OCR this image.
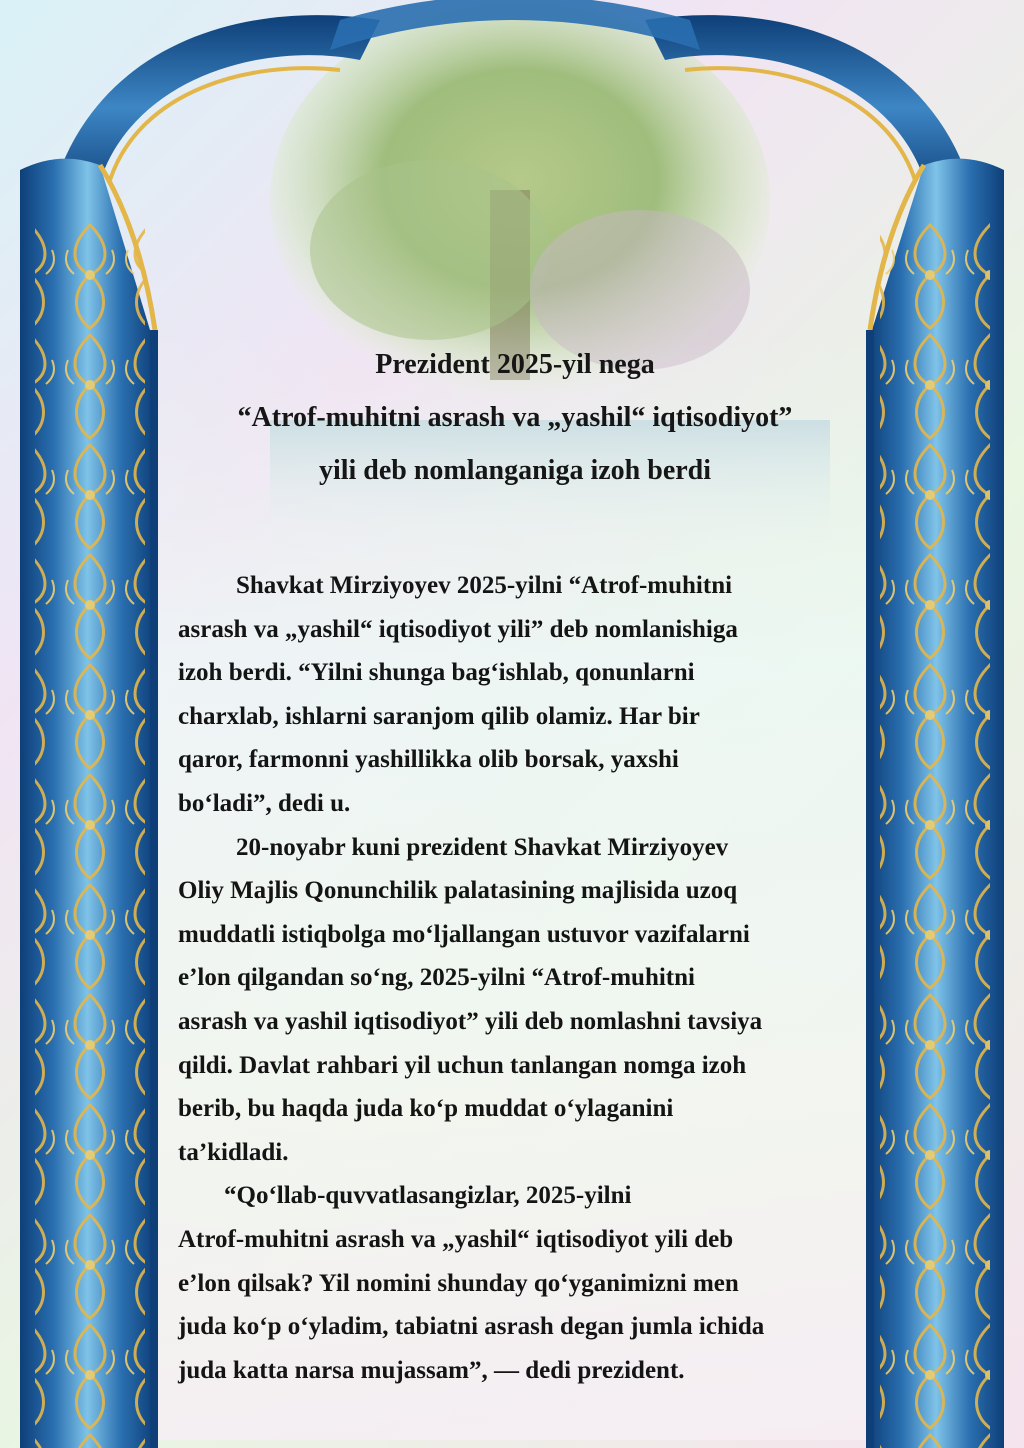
Prezident 2025-yil nega
“Atrof-muhitni asrash va „yashil“ iqtisodiyot”
yili deb nomlanganiga izoh berdi

Shavkat Mirziyoyev 2025-yilni “Atrof-muhitni
asrash va „yashil“ iqtisodiyot yili” deb nomlanishiga
izoh berdi. “Yilni shunga bag‘ishlab, qonunlarni
charxlab, ishlarni saranjom qilib olamiz. Har bir
qaror, farmonni yashillikka olib borsak, yaxshi
bo‘ladi”, dedi u.

20-noyabr kuni prezident Shavkat Mirziyoyev
Oliy Majlis Qonunchilik palatasining majlisida uzoq
muddatli istiqbolga mo‘ljallangan ustuvor vazifalarni
e’lon qilgandan so‘ng, 2025-yilni “Atrof-muhitni
asrash va yashil iqtisodiyot” yili deb nomlashni tavsiya
qildi. Davlat rahbari yil uchun tanlangan nomga izoh
berib, bu haqda juda ko‘p muddat o‘ylaganini
ta’kidladi.

“Qo‘llab-quvvatlasangizlar, 2025-yilni
Atrof-muhitni asrash va „yashil“ iqtisodiyot yili deb
e’lon qilsak? Yil nomini shunday qo‘yganimizni men
juda ko‘p o‘yladim, tabiatni asrash degan jumla ichida
juda katta narsa mujassam”, — dedi prezident.
